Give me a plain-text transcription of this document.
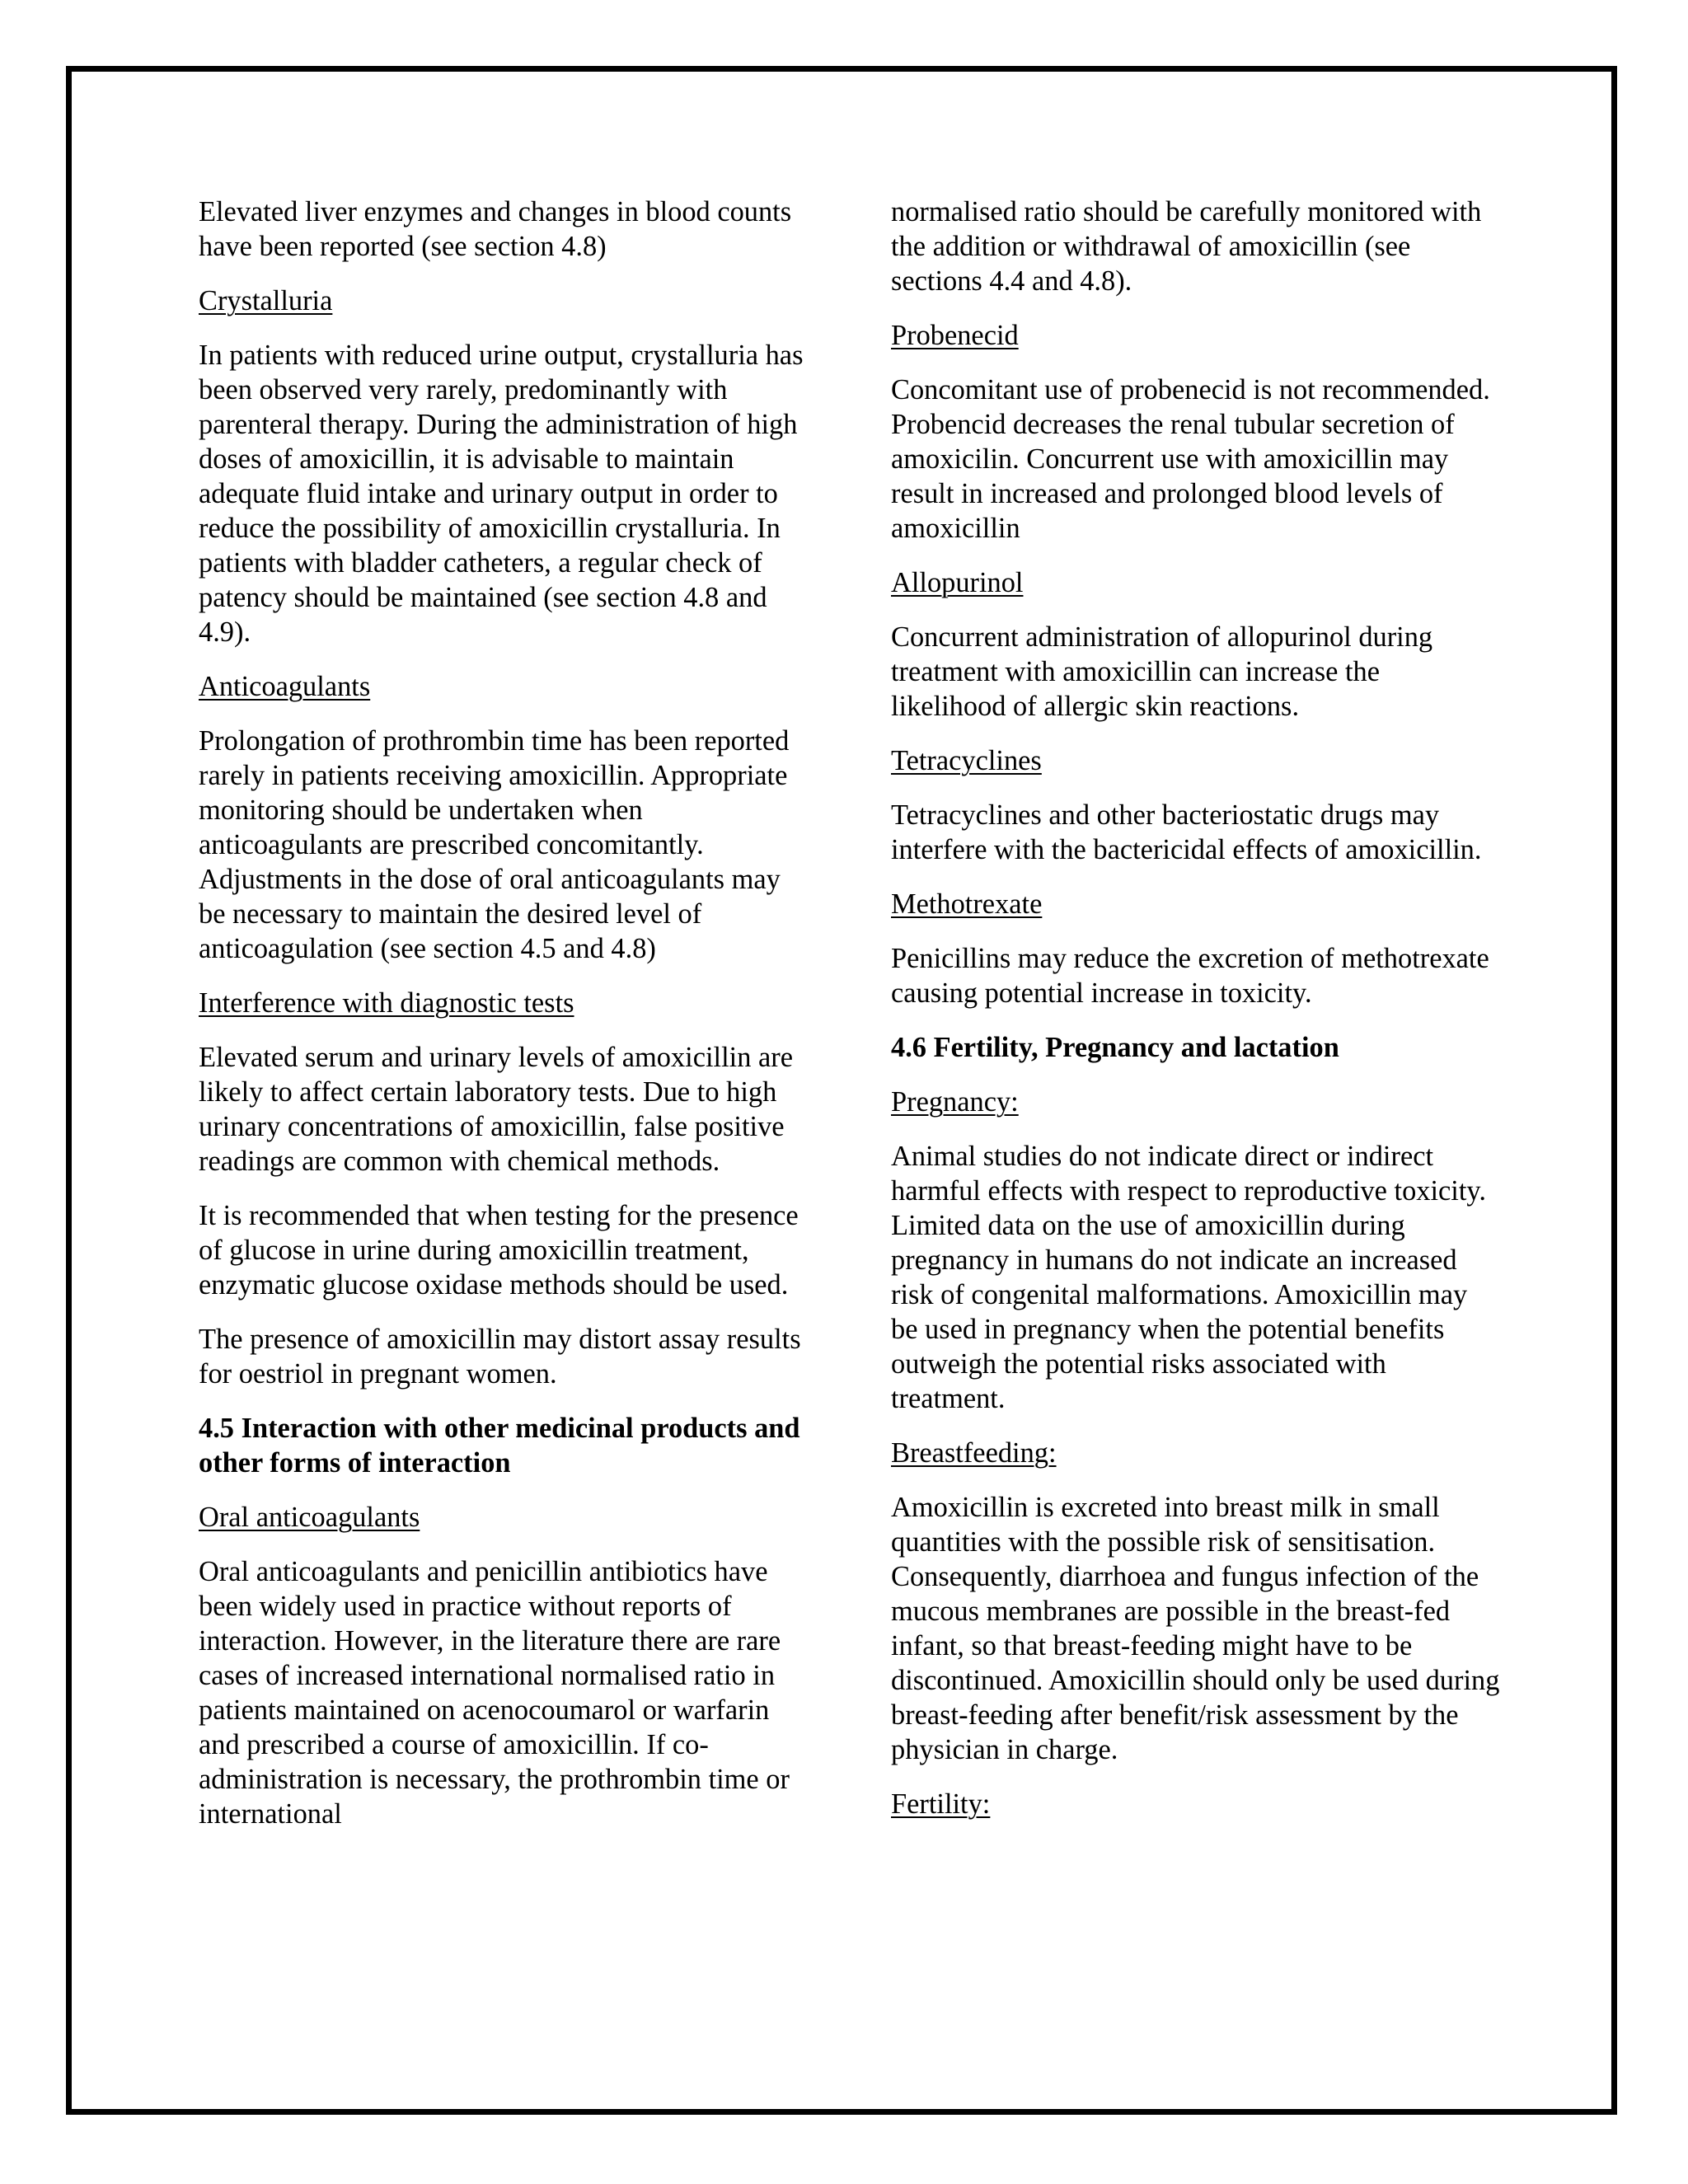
Elevated liver enzymes and changes in blood counts have been reported (see section 4.8)

Crystalluria

In patients with reduced urine output, crystalluria has been observed very rarely, predominantly with parenteral therapy. During the administration of high doses of amoxicillin, it is advisable to maintain adequate fluid intake and urinary output in order to reduce the possibility of amoxicillin crystalluria. In patients with bladder catheters, a regular check of patency should be maintained (see section 4.8 and 4.9).

Anticoagulants

Prolongation of prothrombin time has been reported rarely in patients receiving amoxicillin. Appropriate monitoring should be undertaken when anticoagulants are prescribed concomitantly. Adjustments in the dose of oral anticoagulants may be necessary to maintain the desired level of anticoagulation (see section 4.5 and 4.8)

Interference with diagnostic tests

Elevated serum and urinary levels of amoxicillin are likely to affect certain laboratory tests. Due to high urinary concentrations of amoxicillin, false positive readings are common with chemical methods.

It is recommended that when testing for the presence of glucose in urine during amoxicillin treatment, enzymatic glucose oxidase methods should be used.

The presence of amoxicillin may distort assay results for oestriol in pregnant women.

4.5 Interaction with other medicinal products and other forms of interaction

Oral anticoagulants

Oral anticoagulants and penicillin antibiotics have been widely used in practice without reports of interaction. However, in the literature there are rare cases of increased international normalised ratio in patients maintained on acenocoumarol or warfarin and prescribed a course of amoxicillin. If co-administration is necessary, the prothrombin time or international

normalised ratio should be carefully monitored with the addition or withdrawal of amoxicillin (see sections 4.4 and 4.8).

Probenecid

Concomitant use of probenecid is not recommended. Probencid decreases the renal tubular secretion of amoxicilin. Concurrent use with amoxicillin may result in increased and prolonged blood levels of amoxicillin

Allopurinol

Concurrent administration of allopurinol during treatment with amoxicillin can increase the likelihood of allergic skin reactions.

Tetracyclines

Tetracyclines and other bacteriostatic drugs may interfere with the bactericidal effects of amoxicillin.

Methotrexate

Penicillins may reduce the excretion of methotrexate causing potential increase in toxicity.

4.6 Fertility, Pregnancy and lactation

Pregnancy:

Animal studies do not indicate direct or indirect harmful effects with respect to reproductive toxicity. Limited data on the use of amoxicillin during pregnancy in humans do not indicate an increased risk of congenital malformations. Amoxicillin may be used in pregnancy when the potential benefits outweigh the potential risks associated with treatment.

Breastfeeding:

Amoxicillin is excreted into breast milk in small quantities with the possible risk of sensitisation. Consequently, diarrhoea and fungus infection of the mucous membranes are possible in the breast-fed infant, so that breast-feeding might have to be discontinued. Amoxicillin should only be used during breast-feeding after benefit/risk assessment by the physician in charge.

Fertility:
